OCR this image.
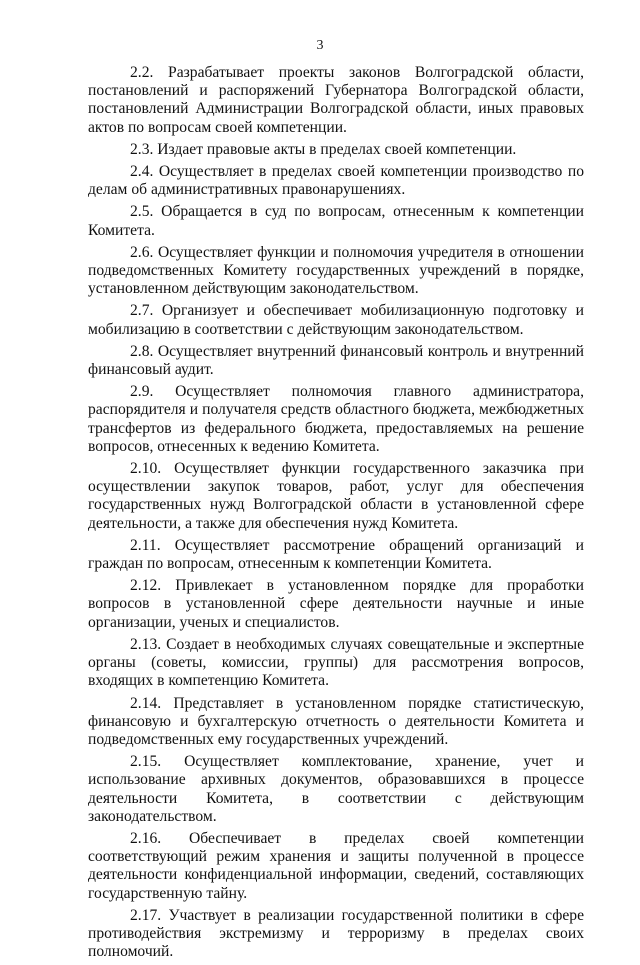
3

2.2. Разрабатывает проекты законов Волгоградской области, постановлений и распоряжений Губернатора Волгоградской области, постановлений Администрации Волгоградской области, иных правовых актов по вопросам своей компетенции.

2.3. Издает правовые акты в пределах своей компетенции.

2.4. Осуществляет в пределах своей компетенции производство по делам об административных правонарушениях.

2.5. Обращается в суд по вопросам, отнесенным к компетенции Комитета.

2.6. Осуществляет функции и полномочия учредителя в отношении подведомственных Комитету государственных учреждений в порядке, установленном действующим законодательством.

2.7. Организует и обеспечивает мобилизационную подготовку и мобилизацию в соответствии с действующим законодательством.

2.8. Осуществляет внутренний финансовый контроль и внутренний финансовый аудит.

2.9. Осуществляет полномочия главного администратора, распорядителя и получателя средств областного бюджета, межбюджетных трансфертов из федерального бюджета, предоставляемых на решение вопросов, отнесенных к ведению Комитета.

2.10. Осуществляет функции государственного заказчика при осуществлении закупок товаров, работ, услуг для обеспечения государственных нужд Волгоградской области в установленной сфере деятельности, а также для обеспечения нужд Комитета.

2.11. Осуществляет рассмотрение обращений организаций и граждан по вопросам, отнесенным к компетенции Комитета.

2.12. Привлекает в установленном порядке для проработки вопросов в установленной сфере деятельности научные и иные организации, ученых и специалистов.

2.13. Создает в необходимых случаях совещательные и экспертные органы (советы, комиссии, группы) для рассмотрения вопросов, входящих в компетенцию Комитета.

2.14. Представляет в установленном порядке статистическую, финансовую и бухгалтерскую отчетность о деятельности Комитета и подведомственных ему государственных учреждений.

2.15. Осуществляет комплектование, хранение, учет и использование архивных документов, образовавшихся в процессе деятельности Комитета, в соответствии с действующим законодательством.

2.16. Обеспечивает в пределах своей компетенции соответствующий режим хранения и защиты полученной в процессе деятельности конфиденциальной информации, сведений, составляющих государственную тайну.

2.17. Участвует в реализации государственной политики в сфере противодействия экстремизму и терроризму в пределах своих полномочий.
